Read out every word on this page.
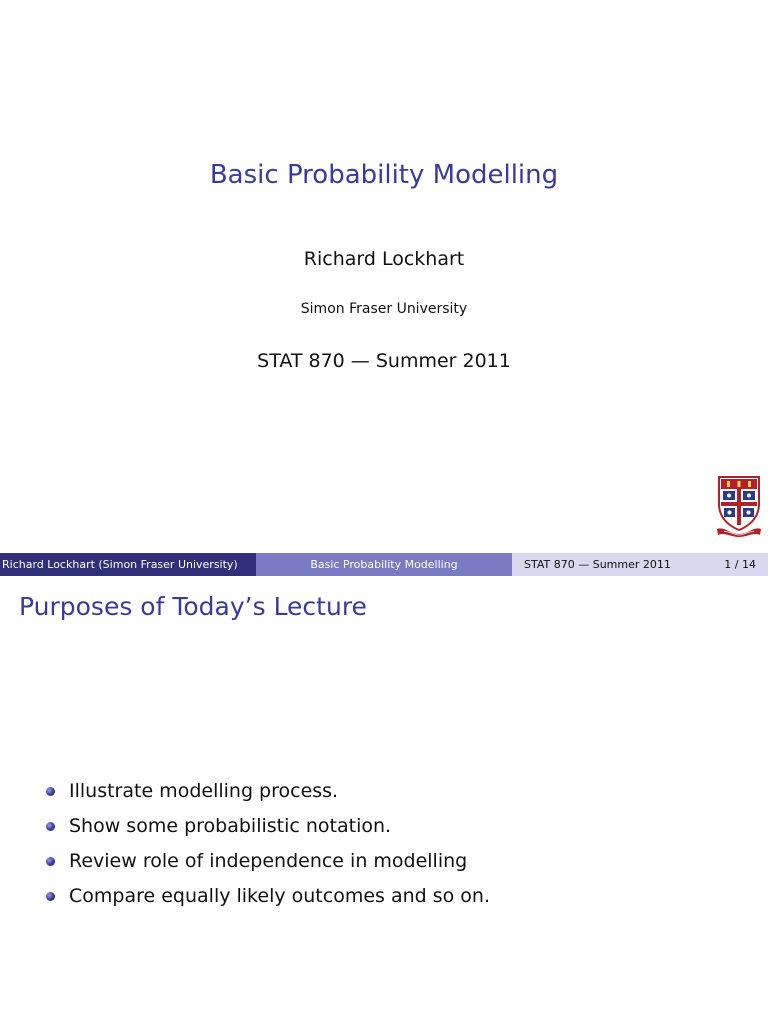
Basic Probability Modelling
Richard Lockhart
Simon Fraser University
STAT 870 — Summer 2011
Richard Lockhart (Simon Fraser University)	Basic Probability Modelling	STAT 870 — Summer 2011	1 / 14
Purposes of Today’s Lecture
Illustrate modelling process.
Show some probabilistic notation.
Review role of independence in modelling
Compare equally likely outcomes and so on.
